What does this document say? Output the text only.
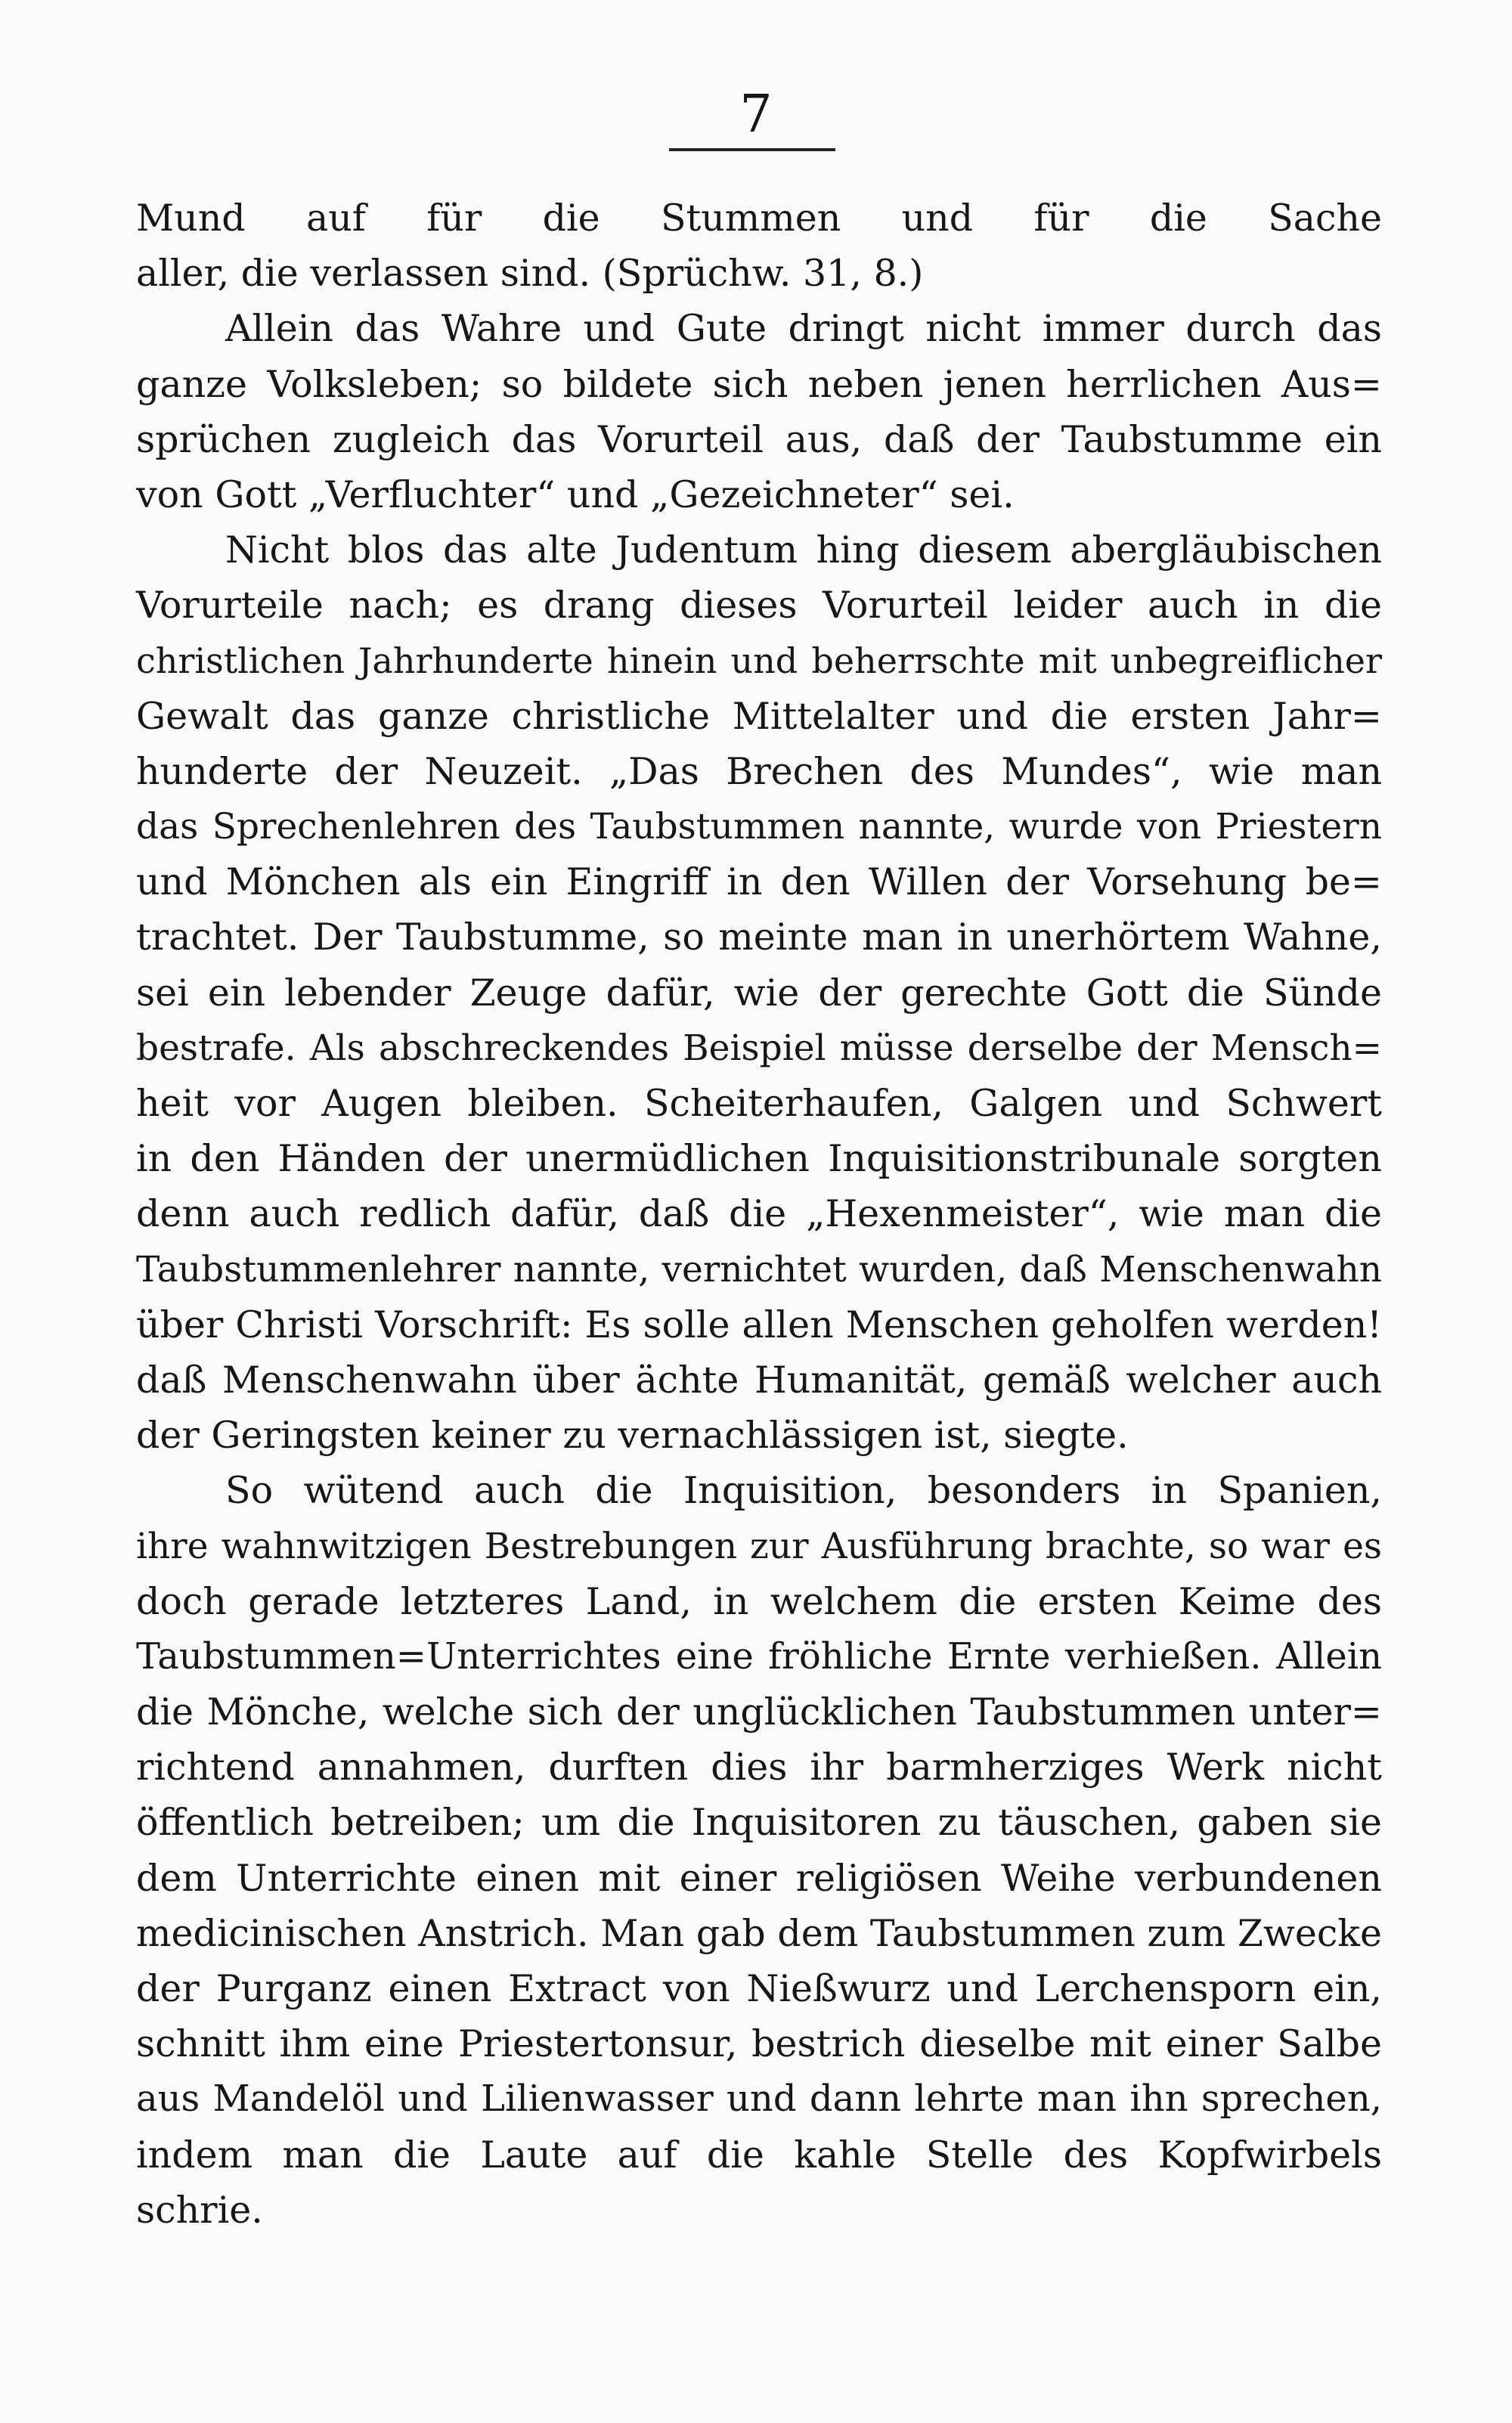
7
Mund auf für die Stummen und für die Sache
aller, die verlassen sind. (Sprüchw. 31, 8.)
Allein das Wahre und Gute dringt nicht immer durch das
ganze Volksleben; so bildete sich neben jenen herrlichen Aus=
sprüchen zugleich das Vorurteil aus, daß der Taubstumme ein
von Gott „Verfluchter“ und „Gezeichneter“ sei.
Nicht blos das alte Judentum hing diesem abergläubischen
Vorurteile nach; es drang dieses Vorurteil leider auch in die
christlichen Jahrhunderte hinein und beherrschte mit unbegreiflicher
Gewalt das ganze christliche Mittelalter und die ersten Jahr=
hunderte der Neuzeit. „Das Brechen des Mundes“, wie man
das Sprechenlehren des Taubstummen nannte, wurde von Priestern
und Mönchen als ein Eingriff in den Willen der Vorsehung be=
trachtet. Der Taubstumme, so meinte man in unerhörtem Wahne,
sei ein lebender Zeuge dafür, wie der gerechte Gott die Sünde
bestrafe. Als abschreckendes Beispiel müsse derselbe der Mensch=
heit vor Augen bleiben. Scheiterhaufen, Galgen und Schwert
in den Händen der unermüdlichen Inquisitionstribunale sorgten
denn auch redlich dafür, daß die „Hexenmeister“, wie man die
Taubstummenlehrer nannte, vernichtet wurden, daß Menschenwahn
über Christi Vorschrift: Es solle allen Menschen geholfen werden!
daß Menschenwahn über ächte Humanität, gemäß welcher auch
der Geringsten keiner zu vernachlässigen ist, siegte.
So wütend auch die Inquisition, besonders in Spanien,
ihre wahnwitzigen Bestrebungen zur Ausführung brachte, so war es
doch gerade letzteres Land, in welchem die ersten Keime des
Taubstummen=Unterrichtes eine fröhliche Ernte verhießen. Allein
die Mönche, welche sich der unglücklichen Taubstummen unter=
richtend annahmen, durften dies ihr barmherziges Werk nicht
öffentlich betreiben; um die Inquisitoren zu täuschen, gaben sie
dem Unterrichte einen mit einer religiösen Weihe verbundenen
medicinischen Anstrich. Man gab dem Taubstummen zum Zwecke
der Purganz einen Extract von Nießwurz und Lerchensporn ein,
schnitt ihm eine Priestertonsur, bestrich dieselbe mit einer Salbe
aus Mandelöl und Lilienwasser und dann lehrte man ihn sprechen,
indem man die Laute auf die kahle Stelle des Kopfwirbels
schrie.
